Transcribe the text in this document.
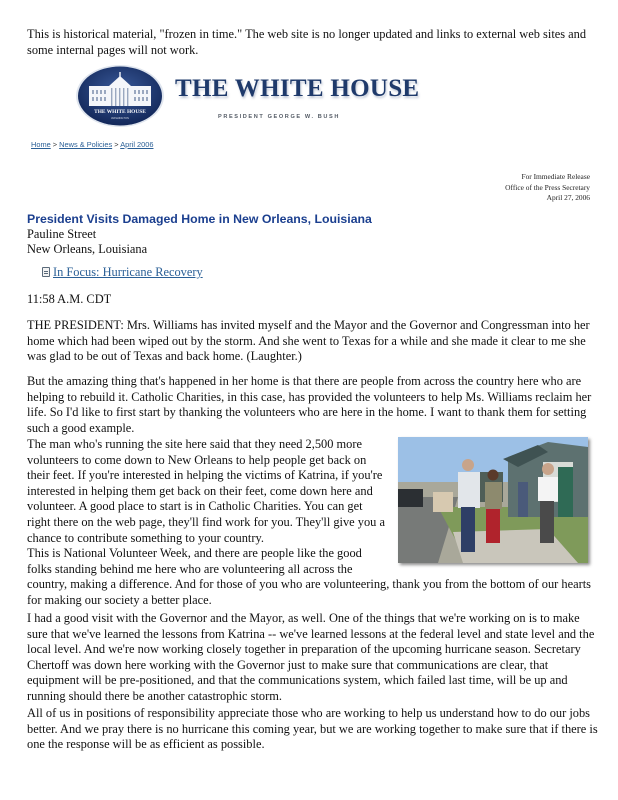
This is historical material, "frozen in time." The web site is no longer updated and links to external web sites and some internal pages will not work.

THE WHITE HOUSE
WASHINGTON
THE WHITE HOUSE
PRESIDENT GEORGE W. BUSH
Home > News & Policies > April 2006
For Immediate Release
Office of the Press Secretary
April 27, 2006
President Visits Damaged Home in New Orleans, Louisiana
Pauline Street
New Orleans, Louisiana
In Focus: Hurricane Recovery
11:58 A.M. CDT

THE PRESIDENT: Mrs. Williams has invited myself and the Mayor and the Governor and Congressman into her home which had been wiped out by the storm. And she went to Texas for a while and she made it clear to me she was glad to be out of Texas and back home. (Laughter.)

But the amazing thing that's happened in her home is that there are people from across the country here who are helping to rebuild it. Catholic Charities, in this case, has provided the volunteers to help Ms. Williams reclaim her life. So I'd like to first start by thanking the volunteers who are here in the home. I want to thank them for setting such a good example.

The man who's running the site here said that they need 2,500 more volunteers to come down to New Orleans to help people get back on their feet. If you're interested in helping the victims of Katrina, if you're interested in helping them get back on their feet, come down here and volunteer. A good place to start is in Catholic Charities. You can get right there on the web page, they'll find work for you. They'll give you a chance to contribute something to your country.

This is National Volunteer Week, and there are people like the good folks standing behind me here who are volunteering all across the country, making a difference. And for those of you who are volunteering, thank you from the bottom of our hearts for making our society a better place.

I had a good visit with the Governor and the Mayor, as well. One of the things that we're working on is to make sure that we've learned the lessons from Katrina -- we've learned lessons at the federal level and state level and the local level. And we're now working closely together in preparation of the upcoming hurricane season. Secretary Chertoff was down here working with the Governor just to make sure that communications are clear, that equipment will be pre-positioned, and that the communications system, which failed last time, will be up and running should there be another catastrophic storm.

All of us in positions of responsibility appreciate those who are working to help us understand how to do our jobs better. And we pray there is no hurricane this coming year, but we are working together to make sure that if there is one the response will be as efficient as possible.
